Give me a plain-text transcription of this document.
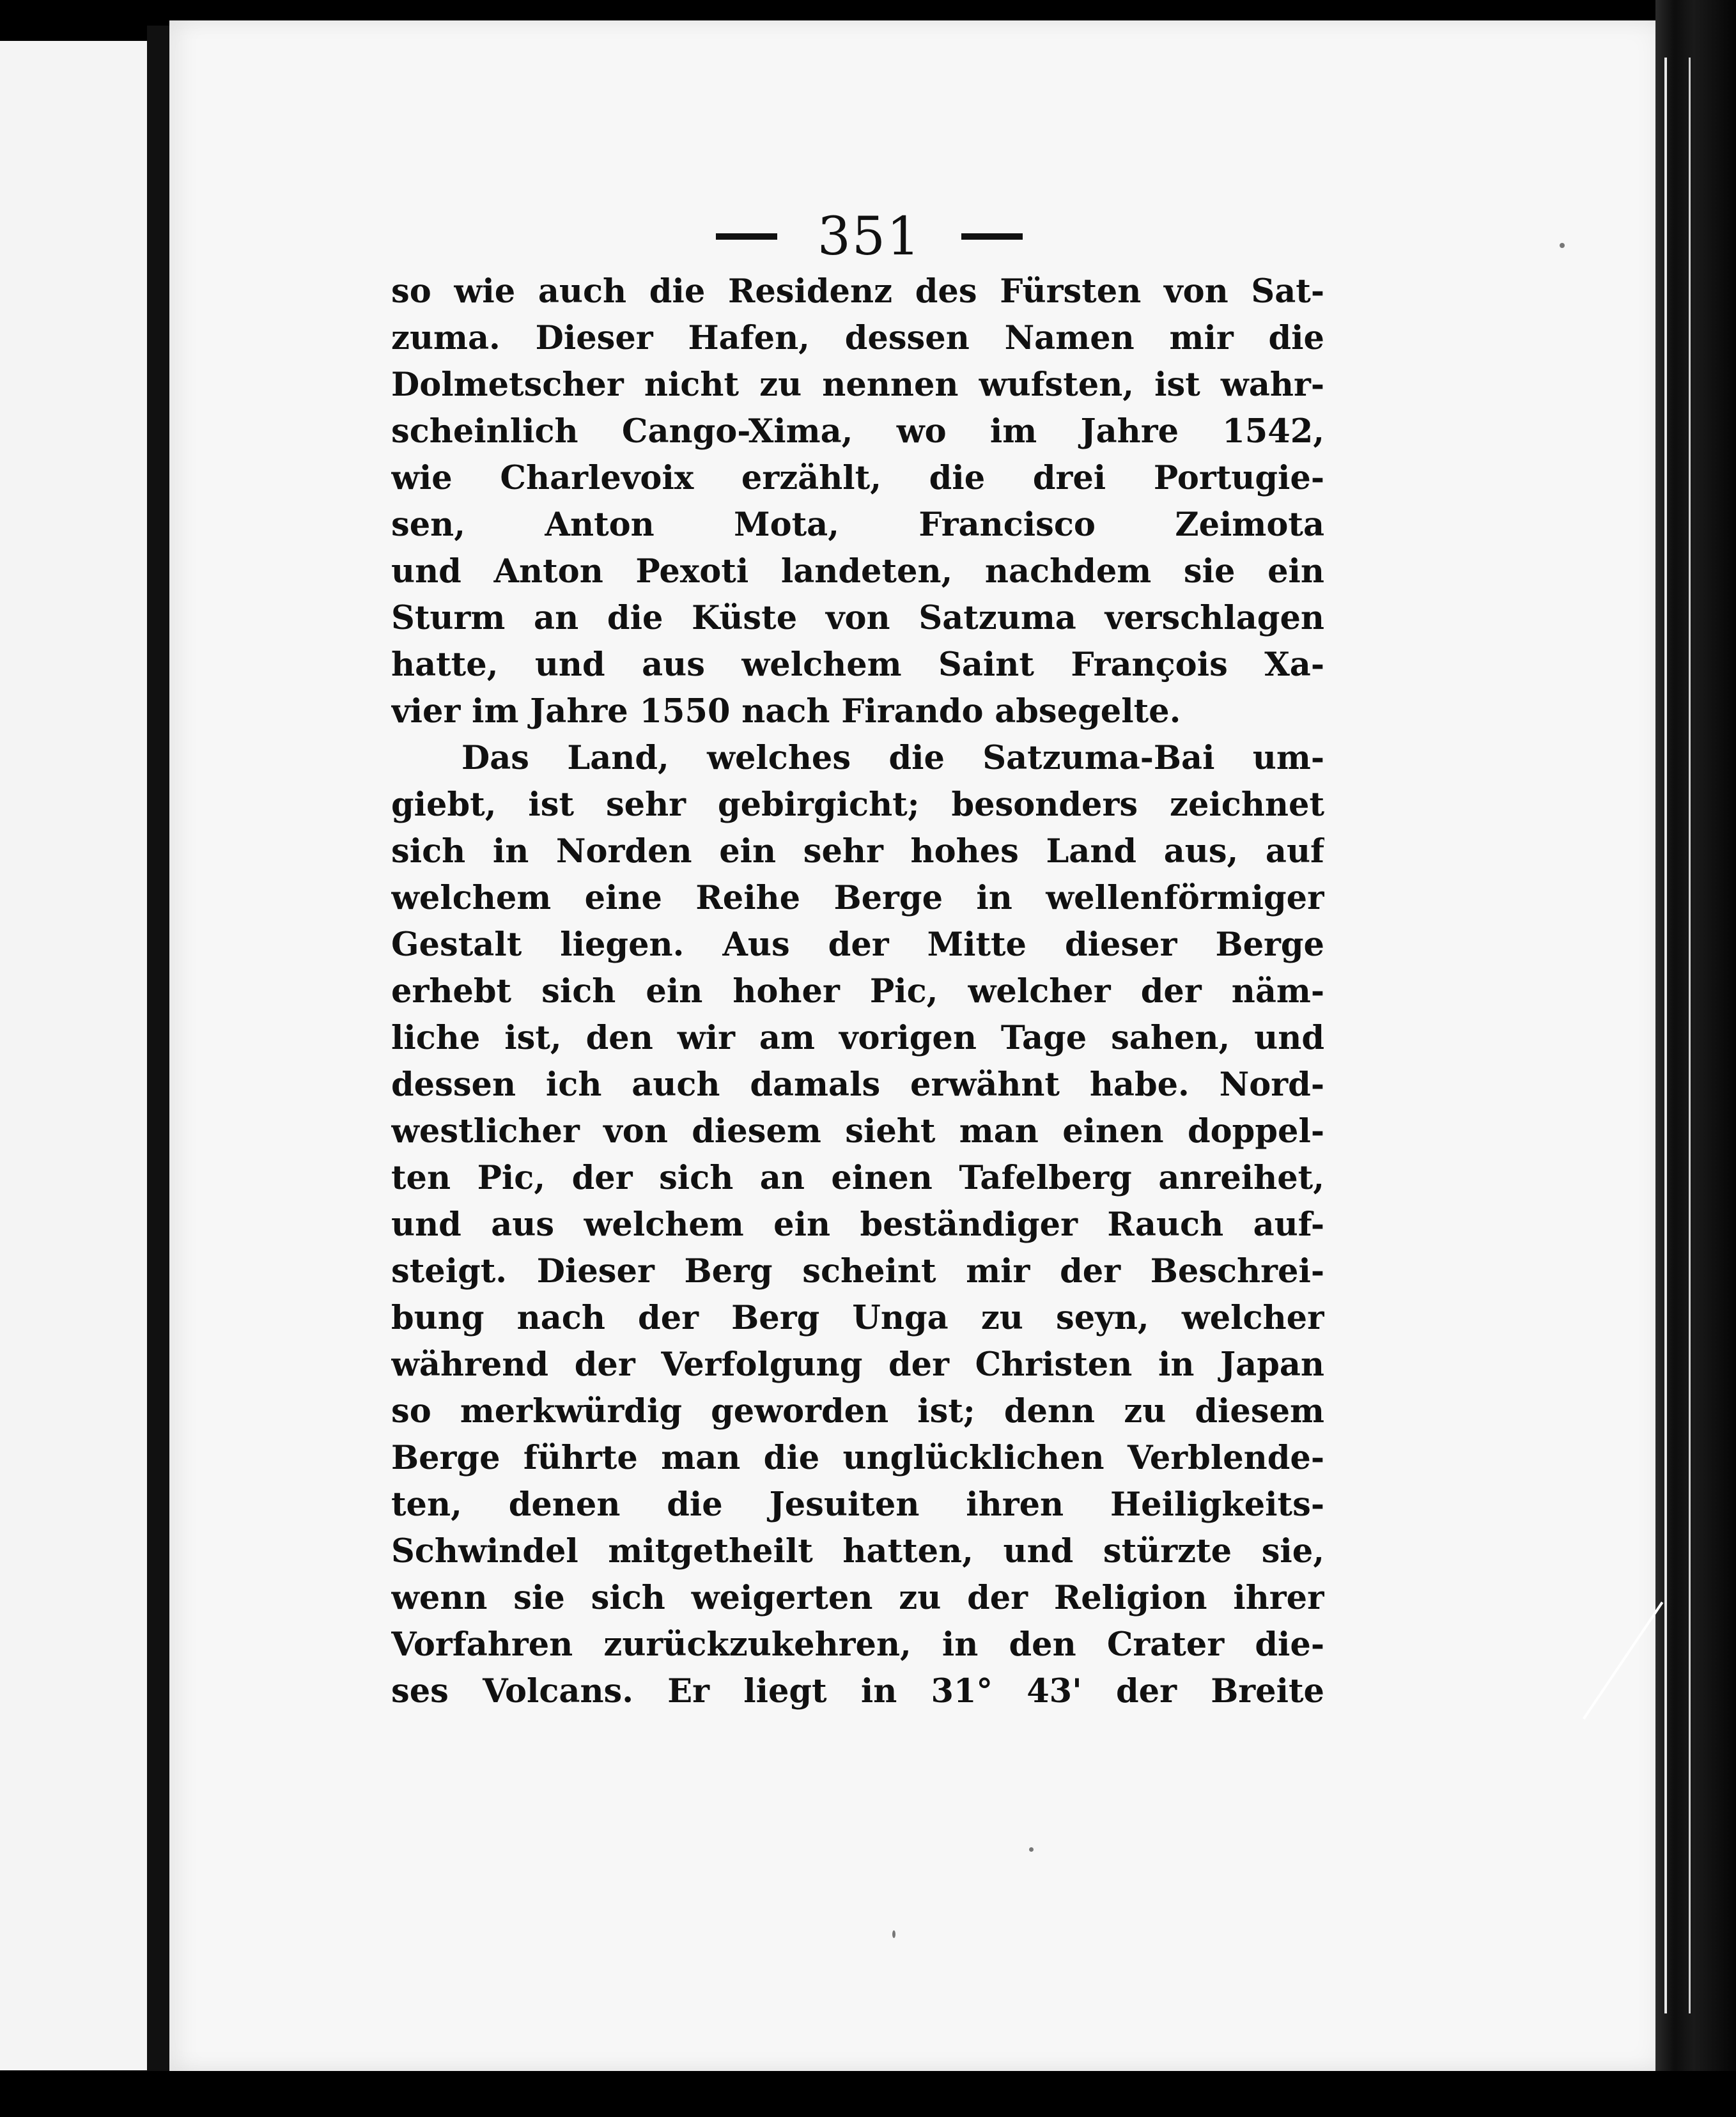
351
so wie auch die Residenz des Fürsten von Sat-
zuma. Dieser Hafen, dessen Namen mir die
Dolmetscher nicht zu nennen wufsten, ist wahr-
scheinlich Cango-Xima, wo im Jahre 1542,
wie Charlevoix erzählt, die drei Portugie-
sen, Anton Mota, Francisco Zeimota
und Anton Pexoti landeten, nachdem sie ein
Sturm an die Küste von Satzuma verschlagen
hatte, und aus welchem Saint François Xa-
vier im Jahre 1550 nach Firando absegelte.
Das Land, welches die Satzuma-Bai um-
giebt, ist sehr gebirgicht; besonders zeichnet
sich in Norden ein sehr hohes Land aus, auf
welchem eine Reihe Berge in wellenförmiger
Gestalt liegen. Aus der Mitte dieser Berge
erhebt sich ein hoher Pic, welcher der näm-
liche ist, den wir am vorigen Tage sahen, und
dessen ich auch damals erwähnt habe. Nord-
westlicher von diesem sieht man einen doppel-
ten Pic, der sich an einen Tafelberg anreihet,
und aus welchem ein beständiger Rauch auf-
steigt. Dieser Berg scheint mir der Beschrei-
bung nach der Berg Unga zu seyn, welcher
während der Verfolgung der Christen in Japan
so merkwürdig geworden ist; denn zu diesem
Berge führte man die unglücklichen Verblende-
ten, denen die Jesuiten ihren Heiligkeits-
Schwindel mitgetheilt hatten, und stürzte sie,
wenn sie sich weigerten zu der Religion ihrer
Vorfahren zurückzukehren, in den Crater die-
ses Volcans. Er liegt in 31° 43' der Breite
